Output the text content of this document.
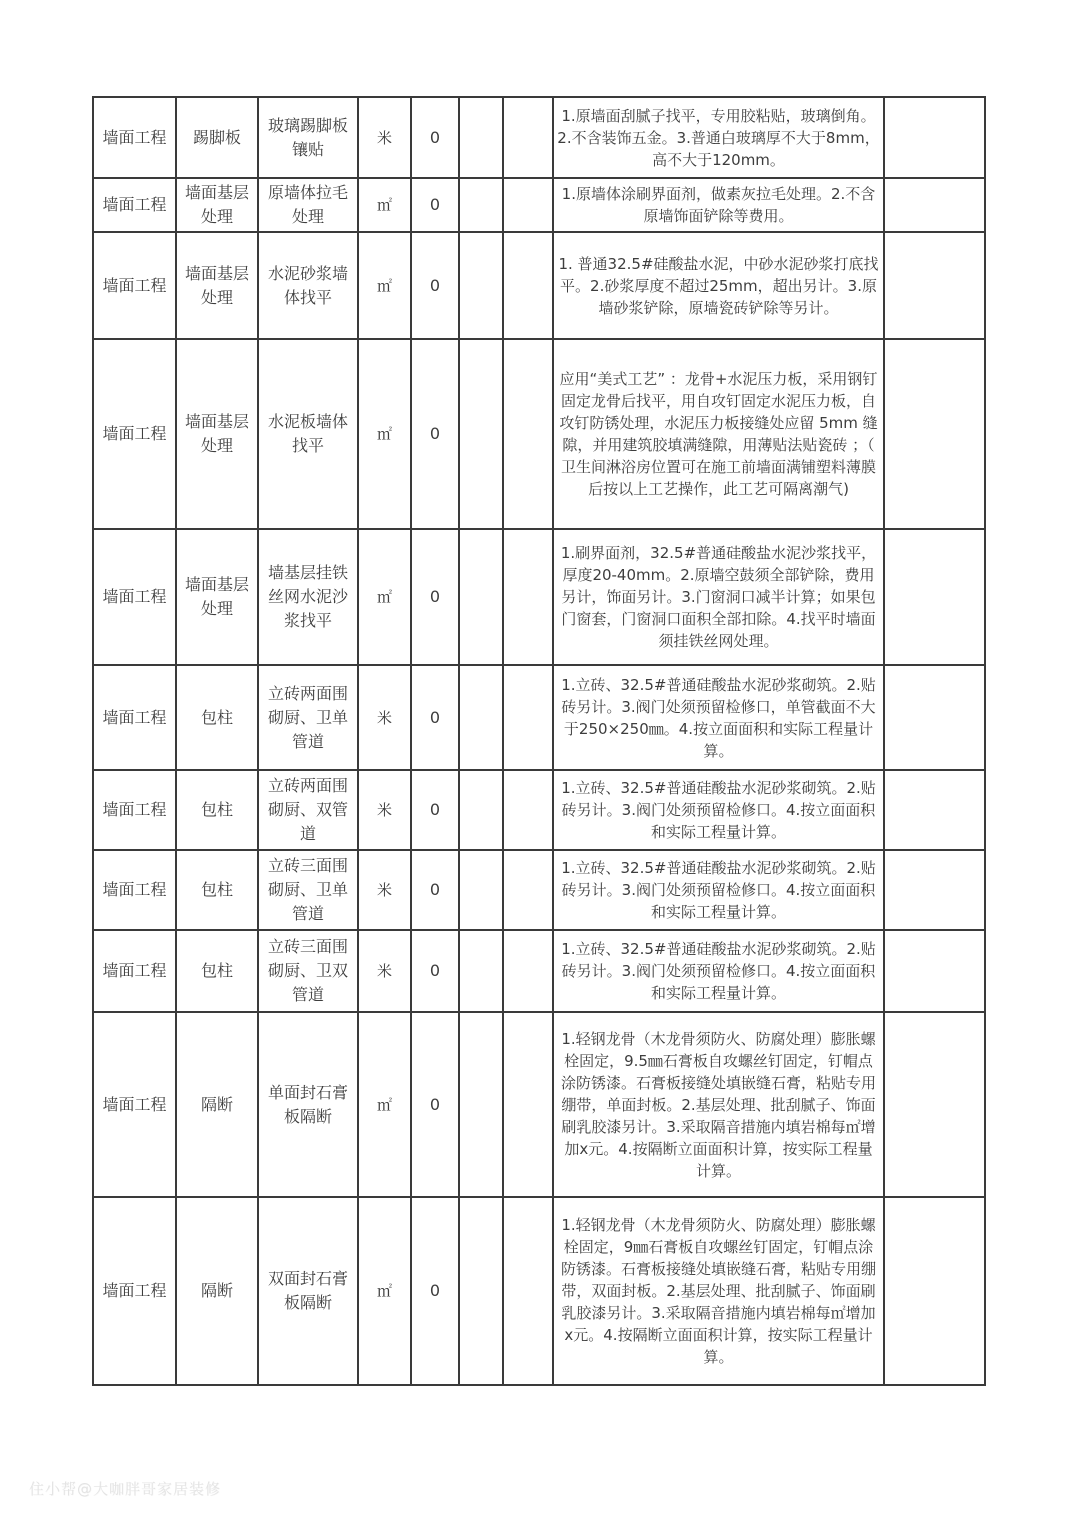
墙面工程	踢脚板	玻璃踢脚板镶贴	米	0			1.原墙面刮腻子找平，专用胶粘贴，玻璃倒角。2.不含装饰五金。3.普通白玻璃厚不大于8mm，高不大于120mm。	
墙面工程	墙面基层处理	原墙体拉毛处理	㎡	0			1.原墙体涂刷界面剂，做素灰拉毛处理。2.不含原墙饰面铲除等费用。	
墙面工程	墙面基层处理	水泥砂浆墙体找平	㎡	0			1. 普通32.5#硅酸盐水泥，中砂水泥砂浆打底找平。2.砂浆厚度不超过25mm，超出另计。3.原墙砂浆铲除，原墙瓷砖铲除等另计。	
墙面工程	墙面基层处理	水泥板墙体找平	㎡	0			应用“美式工艺” ：龙骨+水泥压力板，采用钢钉固定龙骨后找平，用自攻钉固定水泥压力板，自攻钉防锈处理，水泥压力板接缝处应留 5mm 缝隙，并用建筑胶填满缝隙，用薄贴法贴瓷砖 ；（卫生间淋浴房位置可在施工前墙面满铺塑料薄膜后按以上工艺操作，此工艺可隔离潮气)	
墙面工程	墙面基层处理	墙基层挂铁丝网水泥沙浆找平	㎡	0			1.刷界面剂，32.5#普通硅酸盐水泥沙浆找平，厚度20-40mm。2.原墙空鼓须全部铲除，费用另计，饰面另计。3.门窗洞口减半计算；如果包门窗套，门窗洞口面积全部扣除。4.找平时墙面须挂铁丝网处理。	
墙面工程	包柱	立砖两面围砌厨、卫单管道	米	0			1.立砖、32.5#普通硅酸盐水泥砂浆砌筑。2.贴砖另计。3.阀门处须预留检修口，单管截面不大于250×250㎜。4.按立面面积和实际工程量计算。	
墙面工程	包柱	立砖两面围砌厨、双管道	米	0			1.立砖、32.5#普通硅酸盐水泥砂浆砌筑。2.贴砖另计。3.阀门处须预留检修口。4.按立面面积和实际工程量计算。	
墙面工程	包柱	立砖三面围砌厨、卫单管道	米	0			1.立砖、32.5#普通硅酸盐水泥砂浆砌筑。2.贴砖另计。3.阀门处须预留检修口。4.按立面面积和实际工程量计算。	
墙面工程	包柱	立砖三面围砌厨、卫双管道	米	0			1.立砖、32.5#普通硅酸盐水泥砂浆砌筑。2.贴砖另计。3.阀门处须预留检修口。4.按立面面积和实际工程量计算。	
墙面工程	隔断	单面封石膏板隔断	㎡	0			1.轻钢龙骨（木龙骨须防火、防腐处理）膨胀螺栓固定，9.5㎜石膏板自攻螺丝钉固定，钉帽点涂防锈漆。石膏板接缝处填嵌缝石膏，粘贴专用绷带，单面封板。2.基层处理、批刮腻子、饰面刷乳胶漆另计。3.采取隔音措施内填岩棉每㎡增加x元。4.按隔断立面面积计算，按实际工程量计算。	
墙面工程	隔断	双面封石膏板隔断	㎡	0			1.轻钢龙骨（木龙骨须防火、防腐处理）膨胀螺栓固定，9㎜石膏板自攻螺丝钉固定，钉帽点涂防锈漆。石膏板接缝处填嵌缝石膏，粘贴专用绷带，双面封板。2.基层处理、批刮腻子、饰面刷乳胶漆另计。3.采取隔音措施内填岩棉每㎡增加x元。4.按隔断立面面积计算，按实际工程量计算。	
住小帮@大咖胖哥家居装修
